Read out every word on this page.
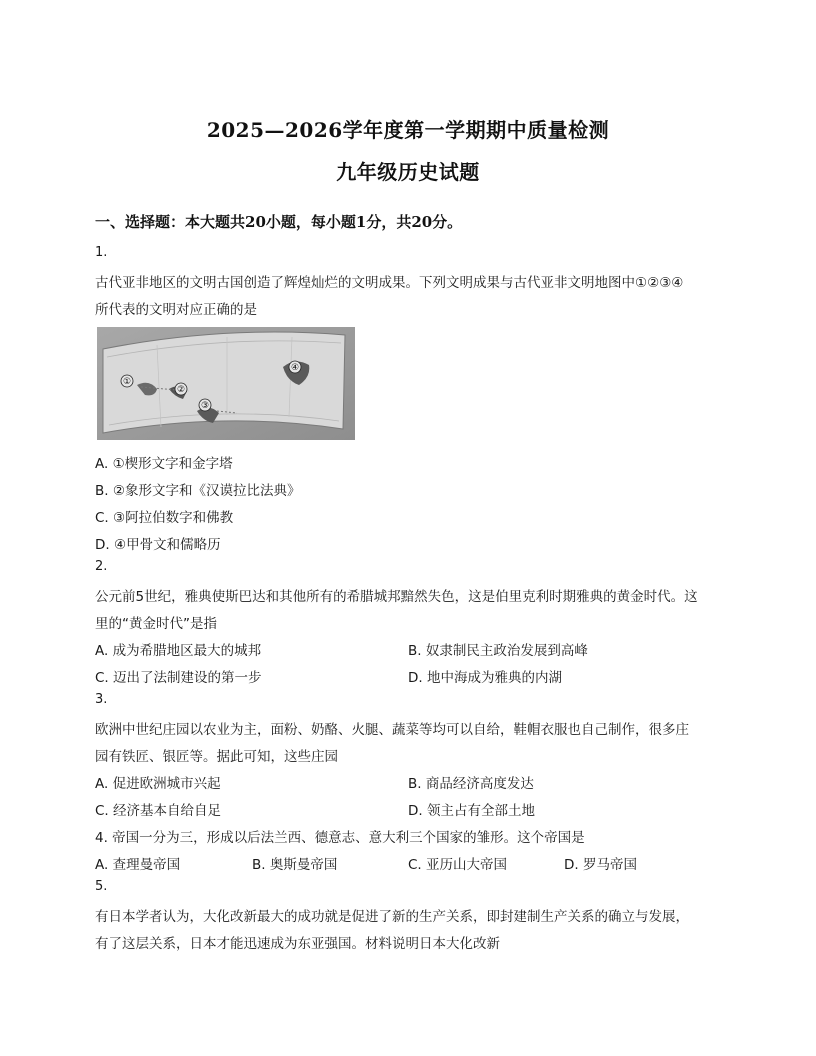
2025—2026学年度第一学期期中质量检测
九年级历史试题
一、选择题：本大题共20小题，每小题1分，共20分。
1.
古代亚非地区的文明古国创造了辉煌灿烂的文明成果。下列文明成果与古代亚非文明地图中①②③④
所代表的文明对应正确的是
①
②
③
④
A. ①楔形文字和金字塔
B. ②象形文字和《汉谟拉比法典》
C. ③阿拉伯数字和佛教
D. ④甲骨文和儒略历
2.
公元前5世纪，雅典使斯巴达和其他所有的希腊城邦黯然失色，这是伯里克利时期雅典的黄金时代。这
里的“黄金时代”是指
A. 成为希腊地区最大的城邦	B. 奴隶制民主政治发展到高峰
C. 迈出了法制建设的第一步	D. 地中海成为雅典的内湖
3.
欧洲中世纪庄园以农业为主，面粉、奶酪、火腿、蔬菜等均可以自给，鞋帽衣服也自己制作，很多庄
园有铁匠、银匠等。据此可知，这些庄园
A. 促进欧洲城市兴起	B. 商品经济高度发达
C. 经济基本自给自足	D. 领主占有全部土地
4. 帝国一分为三，形成以后法兰西、德意志、意大利三个国家的雏形。这个帝国是
A. 查理曼帝国	B. 奥斯曼帝国	C. 亚历山大帝国	D. 罗马帝国
5.
有日本学者认为，大化改新最大的成功就是促进了新的生产关系，即封建制生产关系的确立与发展，
有了这层关系，日本才能迅速成为东亚强国。材料说明日本大化改新
